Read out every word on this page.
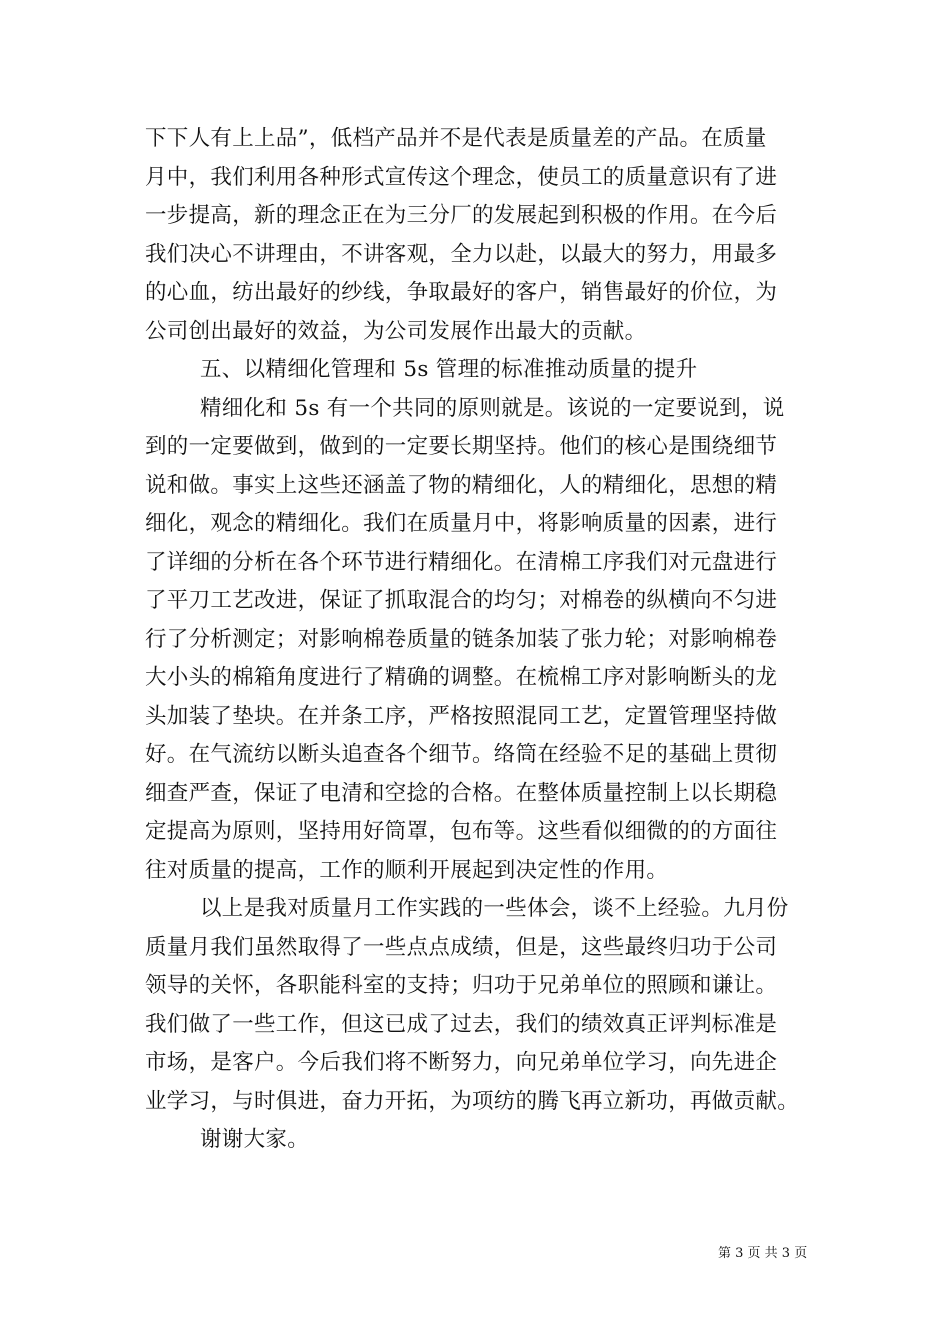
下下人有上上品”，低档产品并不是代表是质量差的产品。在质量
月中，我们利用各种形式宣传这个理念，使员工的质量意识有了进
一步提高，新的理念正在为三分厂的发展起到积极的作用。在今后
我们决心不讲理由，不讲客观，全力以赴，以最大的努力，用最多
的心血，纺出最好的纱线，争取最好的客户，销售最好的价位，为
公司创出最好的效益，为公司发展作出最大的贡献。
五、以精细化管理和 5s 管理的标准推动质量的提升
精细化和 5s 有一个共同的原则就是。该说的一定要说到，说
到的一定要做到，做到的一定要长期坚持。他们的核心是围绕细节
说和做。事实上这些还涵盖了物的精细化，人的精细化，思想的精
细化，观念的精细化。我们在质量月中，将影响质量的因素，进行
了详细的分析在各个环节进行精细化。在清棉工序我们对元盘进行
了平刀工艺改进，保证了抓取混合的均匀；对棉卷的纵横向不匀进
行了分析测定；对影响棉卷质量的链条加装了张力轮；对影响棉卷
大小头的棉箱角度进行了精确的调整。在梳棉工序对影响断头的龙
头加装了垫块。在并条工序，严格按照混同工艺，定置管理坚持做
好。在气流纺以断头追查各个细节。络筒在经验不足的基础上贯彻
细查严查，保证了电清和空捻的合格。在整体质量控制上以长期稳
定提高为原则，坚持用好筒罩，包布等。这些看似细微的的方面往
往对质量的提高，工作的顺利开展起到决定性的作用。
以上是我对质量月工作实践的一些体会，谈不上经验。九月份
质量月我们虽然取得了一些点点成绩，但是，这些最终归功于公司
领导的关怀，各职能科室的支持；归功于兄弟单位的照顾和谦让。
我们做了一些工作，但这已成了过去，我们的绩效真正评判标准是
市场，是客户。今后我们将不断努力，向兄弟单位学习，向先进企
业学习，与时俱进，奋力开拓，为项纺的腾飞再立新功，再做贡献。
谢谢大家。
第 3 页 共 3 页
